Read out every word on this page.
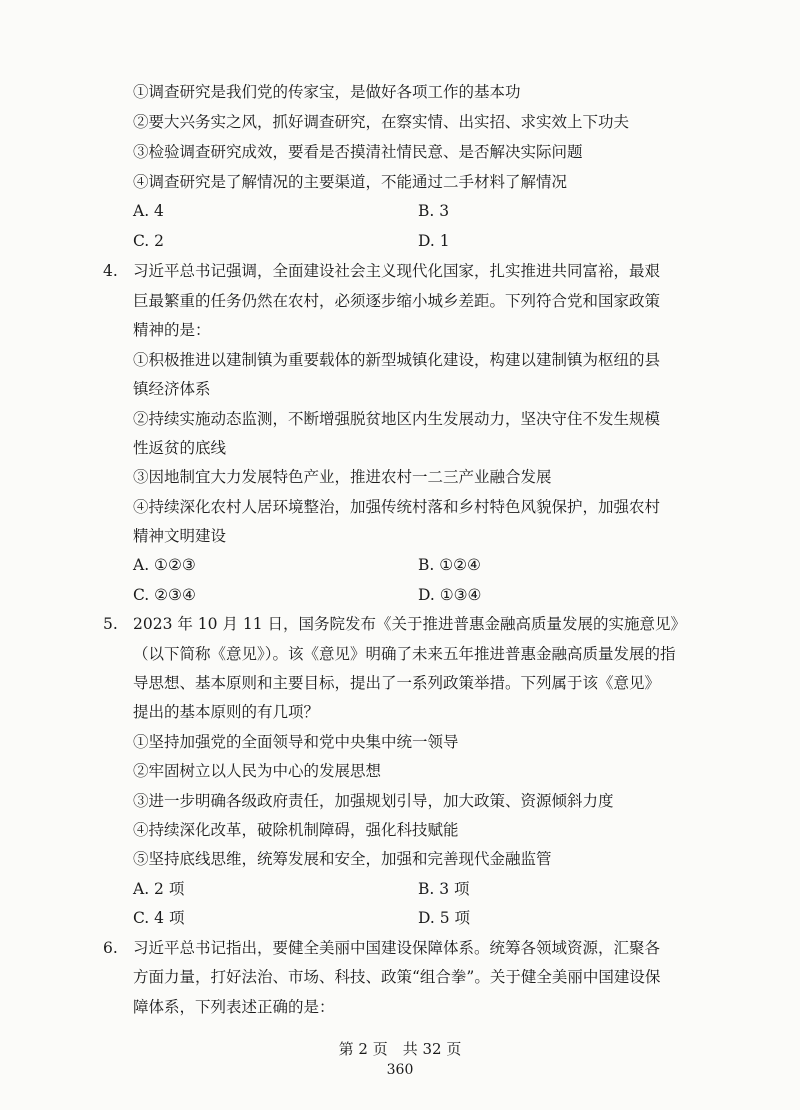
①调查研究是我们党的传家宝，是做好各项工作的基本功
②要大兴务实之风，抓好调查研究，在察实情、出实招、求实效上下功夫
③检验调查研究成效，要看是否摸清社情民意、是否解决实际问题
④调查研究是了解情况的主要渠道，不能通过二手材料了解情况
A. 4	B. 3
C. 2	D. 1
4. 习近平总书记强调，全面建设社会主义现代化国家，扎实推进共同富裕，最艰
巨最繁重的任务仍然在农村，必须逐步缩小城乡差距。下列符合党和国家政策
精神的是：
①积极推进以建制镇为重要载体的新型城镇化建设，构建以建制镇为枢纽的县
镇经济体系
②持续实施动态监测，不断增强脱贫地区内生发展动力，坚决守住不发生规模
性返贫的底线
③因地制宜大力发展特色产业，推进农村一二三产业融合发展
④持续深化农村人居环境整治，加强传统村落和乡村特色风貌保护，加强农村
精神文明建设
A. ①②③	B. ①②④
C. ②③④	D. ①③④
5. 2023 年 10 月 11 日，国务院发布《关于推进普惠金融高质量发展的实施意见》
（以下简称《意见》）。该《意见》明确了未来五年推进普惠金融高质量发展的指
导思想、基本原则和主要目标，提出了一系列政策举措。下列属于该《意见》
提出的基本原则的有几项？
①坚持加强党的全面领导和党中央集中统一领导
②牢固树立以人民为中心的发展思想
③进一步明确各级政府责任，加强规划引导，加大政策、资源倾斜力度
④持续深化改革，破除机制障碍，强化科技赋能
⑤坚持底线思维，统筹发展和安全，加强和完善现代金融监管
A. 2 项	B. 3 项
C. 4 项	D. 5 项
6. 习近平总书记指出，要健全美丽中国建设保障体系。统筹各领域资源，汇聚各
方面力量，打好法治、市场、科技、政策“组合拳”。关于健全美丽中国建设保
障体系，下列表述正确的是：
第 2 页　共 32 页
360
